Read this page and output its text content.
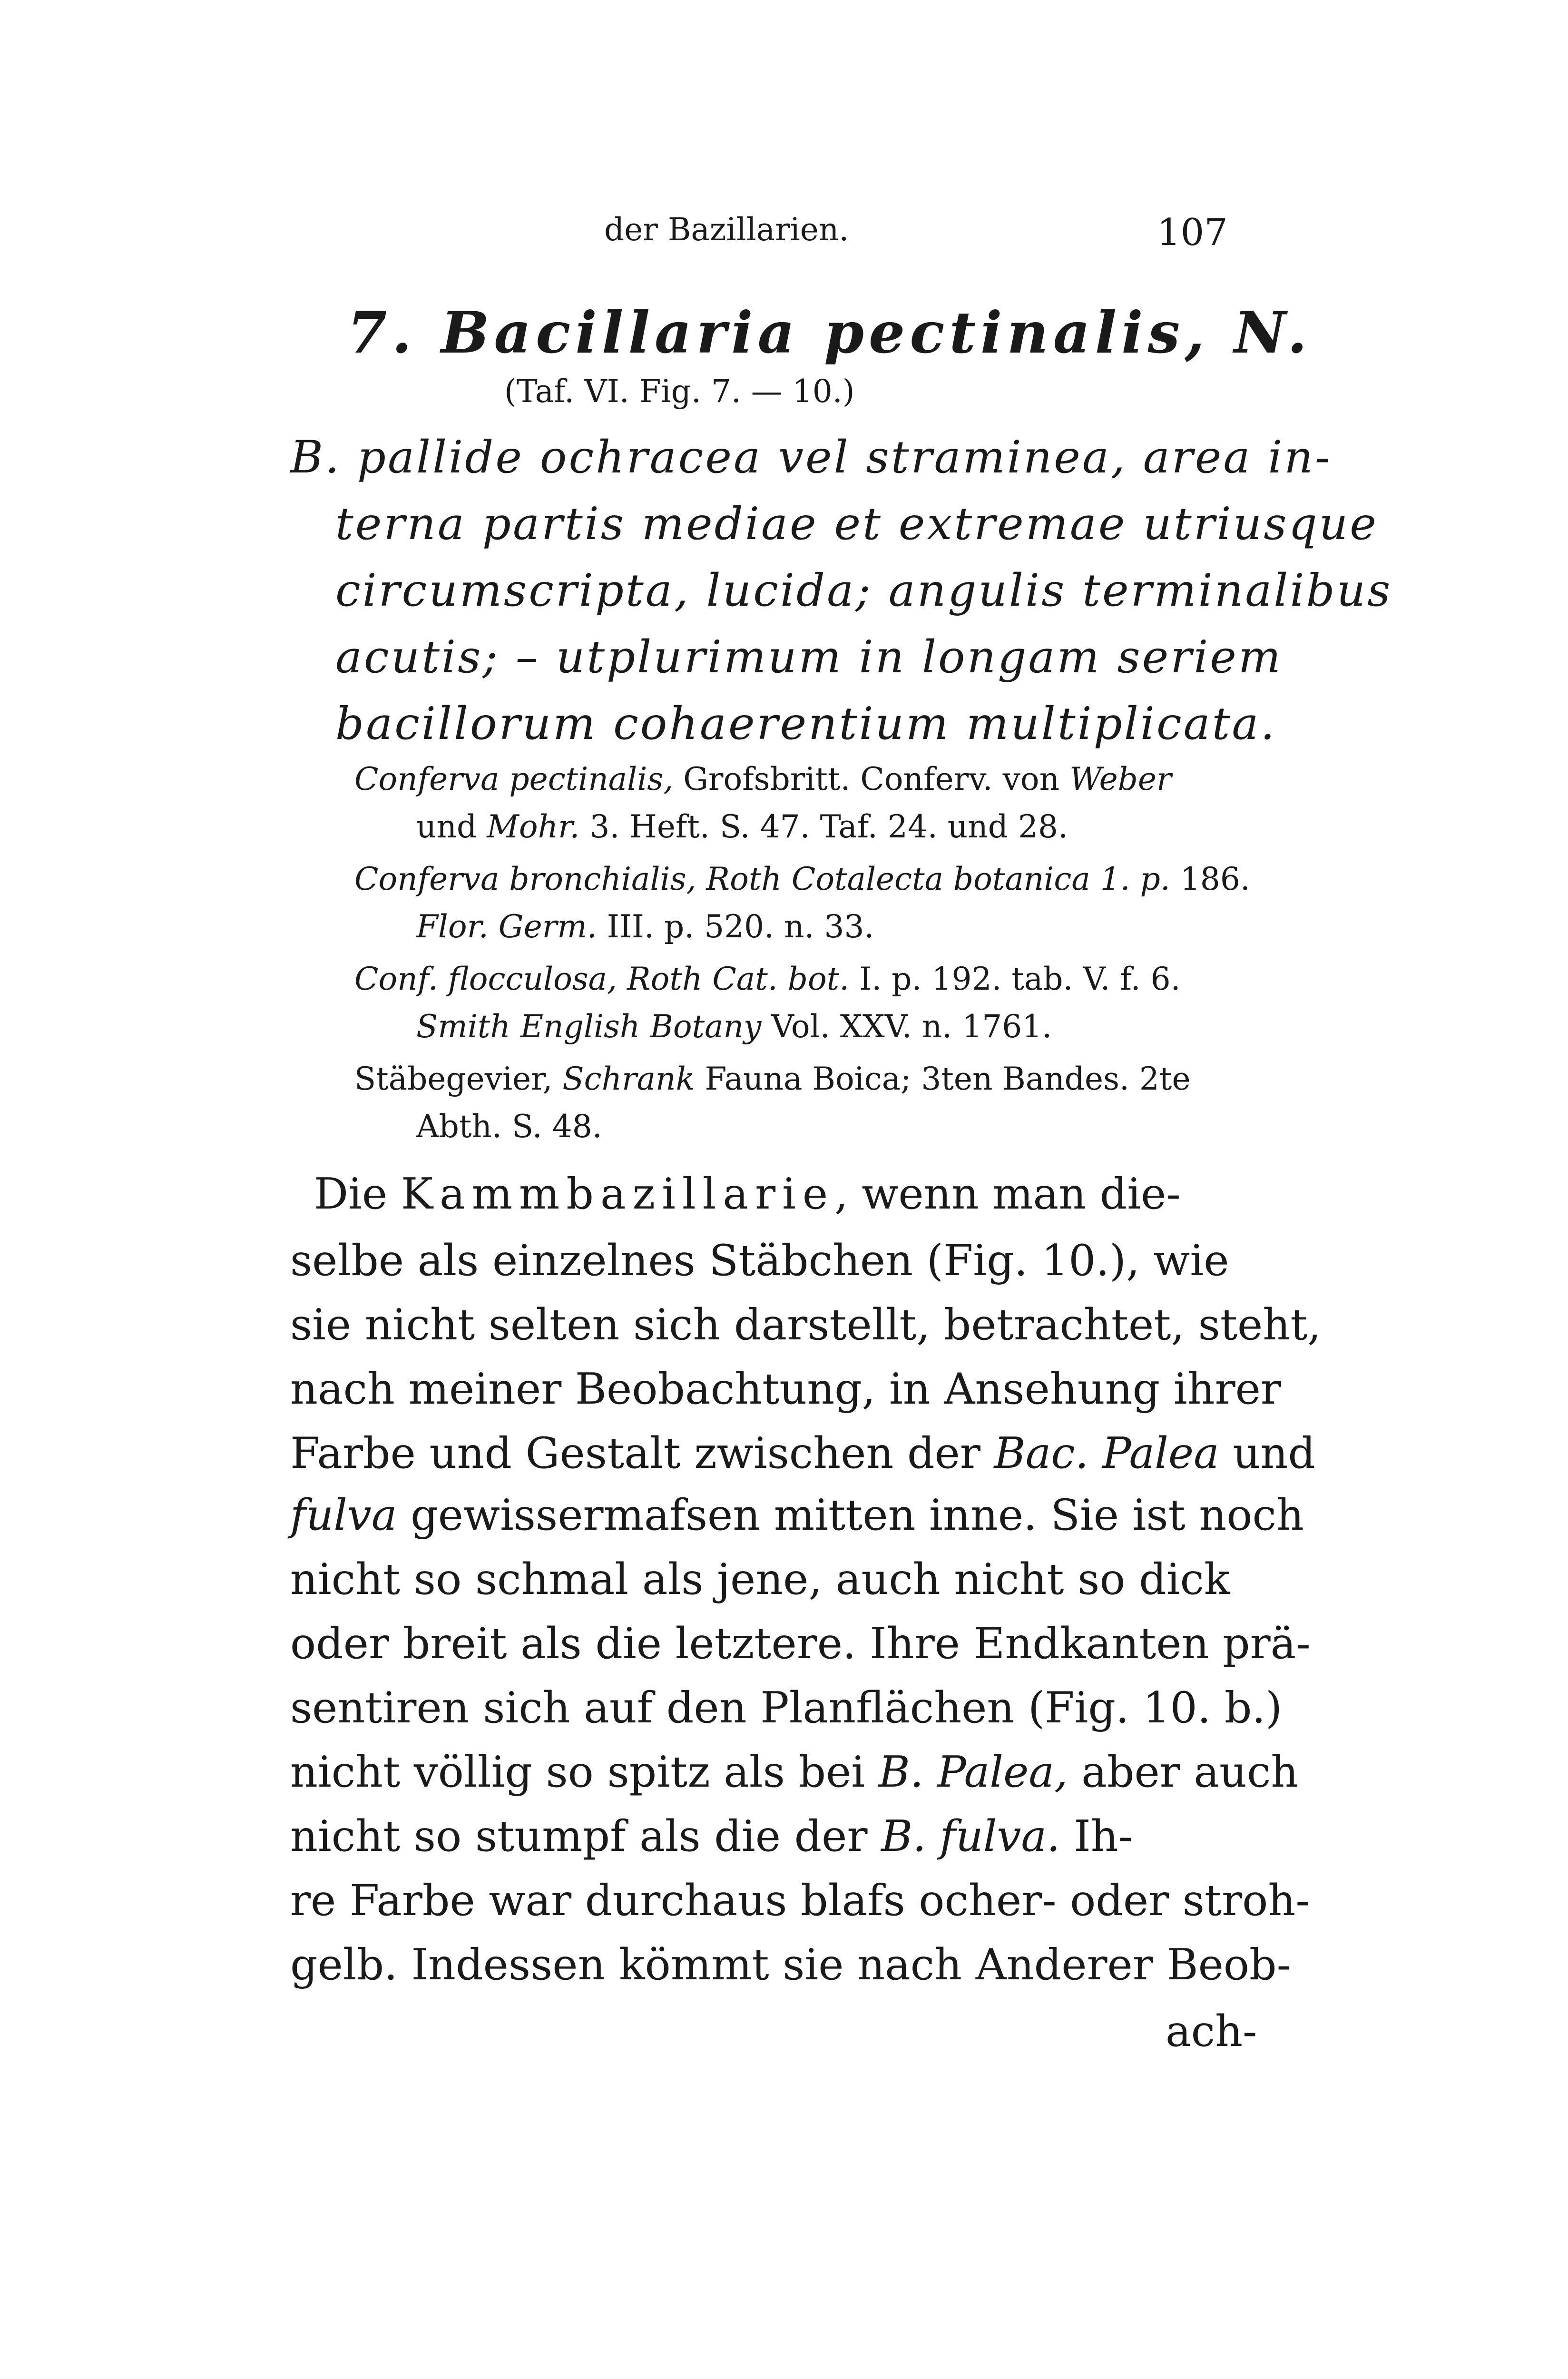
der Bazillarien.	107
7. Bacillaria pectinalis, N.
(Taf. VI. Fig. 7. — 10.)
B. pallide ochracea vel straminea, area in-
terna partis mediae et extremae utriusque
circumscripta, lucida; angulis terminalibus
acutis; – utplurimum in longam seriem
bacillorum cohaerentium multiplicata.
Conferva pectinalis, Grofsbritt. Conferv. von Weber
und Mohr. 3. Heft. S. 47. Taf. 24. und 28.
Conferva bronchialis, Roth Cotalecta botanica 1. p. 186.
Flor. Germ. III. p. 520. n. 33.
Conf. flocculosa, Roth Cat. bot. I. p. 192. tab. V. f. 6.
Smith English Botany Vol. XXV. n. 1761.
Stäbegevier, Schrank Fauna Boica; 3ten Bandes. 2te
Abth. S. 48.
Die Kammbazillarie, wenn man die-
selbe als einzelnes Stäbchen (Fig. 10.), wie
sie nicht selten sich darstellt, betrachtet, steht,
nach meiner Beobachtung, in Ansehung ihrer
Farbe und Gestalt zwischen der Bac. Palea und
fulva gewissermafsen mitten inne. Sie ist noch
nicht so schmal als jene, auch nicht so dick
oder breit als die letztere. Ihre Endkanten prä-
sentiren sich auf den Planflächen (Fig. 10. b.)
nicht völlig so spitz als bei B. Palea, aber auch
nicht so stumpf als die der B. fulva. Ih-
re Farbe war durchaus blafs ocher- oder stroh-
gelb. Indessen kömmt sie nach Anderer Beob-
ach-
